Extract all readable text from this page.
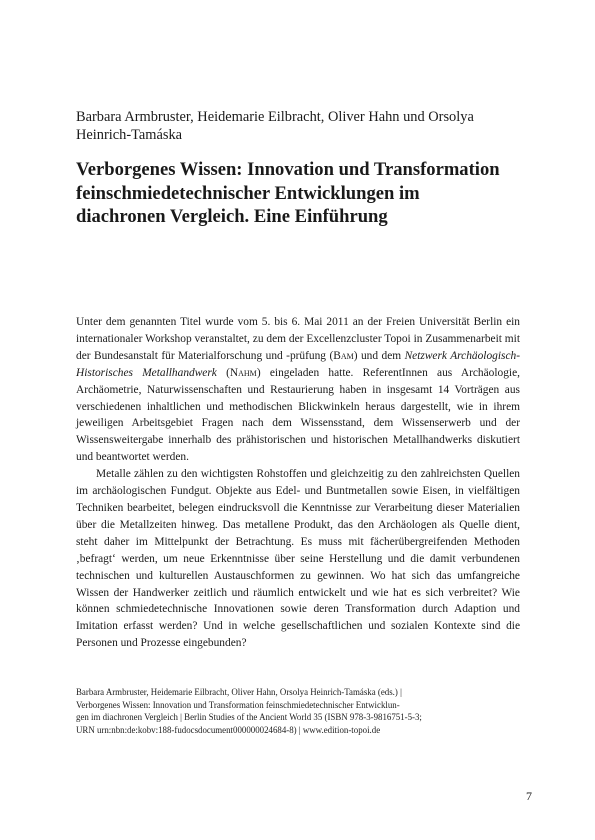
Barbara Armbruster, Heidemarie Eilbracht, Oliver Hahn und Orsolya Heinrich-Tamáska
Verborgenes Wissen: Innovation und Transformation
feinschmiedetechnischer Entwicklungen im
diachronen Vergleich. Eine Einführung

Unter dem genannten Titel wurde vom 5. bis 6. Mai 2011 an der Freien Universität Berlin ein internationaler Workshop veranstaltet, zu dem der Excellenzcluster Topoi in Zusammenarbeit mit der Bundesanstalt für Materialforschung und -prüfung (Bam) und dem Netzwerk Archäologisch-Historisches Metallhandwerk (Nahm) eingeladen hatte. ReferentInnen aus Archäologie, Archäometrie, Naturwissenschaften und Restaurierung haben in insgesamt 14 Vorträgen aus verschiedenen inhaltlichen und methodischen Blickwinkeln heraus dargestellt, wie in ihrem jeweiligen Arbeitsgebiet Fragen nach dem Wissensstand, dem Wissenserwerb und der Wissensweitergabe innerhalb des prähistorischen und historischen Metallhandwerks diskutiert und beantwortet werden.

Metalle zählen zu den wichtigsten Rohstoffen und gleichzeitig zu den zahlreichsten Quellen im archäologischen Fundgut. Objekte aus Edel- und Buntmetallen sowie Eisen, in vielfältigen Techniken bearbeitet, belegen eindrucksvoll die Kenntnisse zur Verarbeitung dieser Materialien über die Metallzeiten hinweg. Das metallene Produkt, das den Archäologen als Quelle dient, steht daher im Mittelpunkt der Betrachtung. Es muss mit fächerübergreifenden Methoden ‚befragt‘ werden, um neue Erkenntnisse über seine Herstellung und die damit verbundenen technischen und kulturellen Austauschformen zu gewinnen. Wo hat sich das umfangreiche Wissen der Handwerker zeitlich und räumlich entwickelt und wie hat es sich verbreitet? Wie können schmiedetechnische Innovationen sowie deren Transformation durch Adaption und Imitation erfasst werden? Und in welche gesellschaftlichen und sozialen Kontexte sind die Personen und Prozesse eingebunden?

Barbara Armbruster, Heidemarie Eilbracht, Oliver Hahn, Orsolya Heinrich-Tamáska (eds.) |
Verborgenes Wissen: Innovation und Transformation feinschmiedetechnischer Entwicklun-
gen im diachronen Vergleich | Berlin Studies of the Ancient World 35 (ISBN 978-3-9816751-5-3;
URN urn:nbn:de:kobv:188-fudocsdocument000000024684-8) | www.edition-topoi.de
7
